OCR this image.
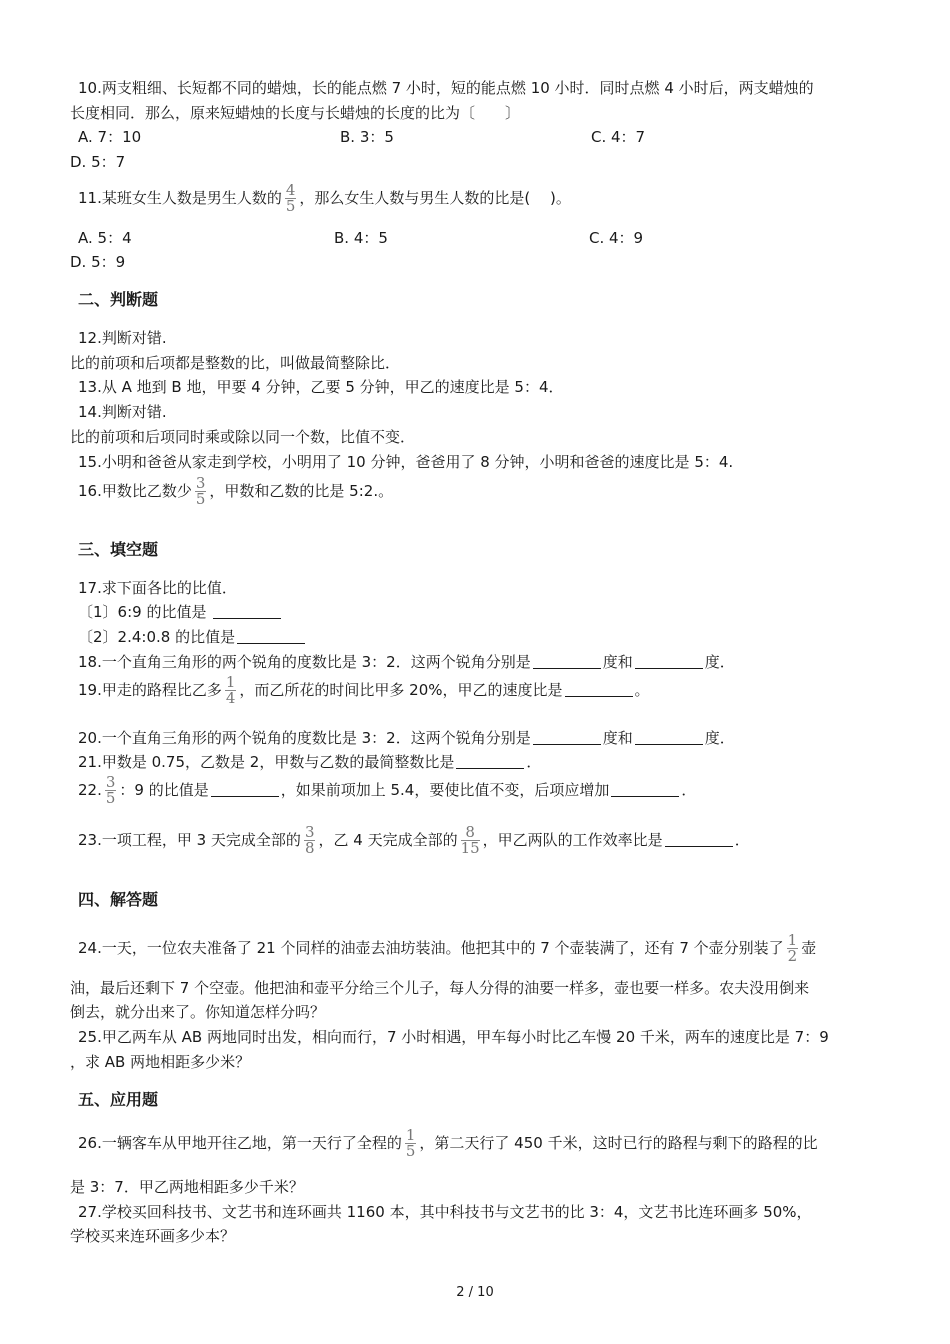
10.两支粗细、长短都不同的蜡烛，长的能点燃 7 小时，短的能点燃 10 小时．同时点燃 4 小时后，两支蜡烛的
长度相同．那么，原来短蜡烛的长度与长蜡烛的长度的比为〔　　〕
A. 7：10	B. 3：5	C. 4：7
D. 5：7
11.某班女生人数是男生人数的 $\frac{4}{5}$ ，那么女生人数与男生人数的比是(　 )。
A. 5：4	B. 4：5	C. 4：9
D. 5：9
二、判断题
12.判断对错.
比的前项和后项都是整数的比，叫做最简整除比．
13.从 A 地到 B 地，甲要 4 分钟，乙要 5 分钟，甲乙的速度比是 5：4．
14.判断对错.
比的前项和后项同时乘或除以同一个数，比值不变．
15.小明和爸爸从家走到学校，小明用了 10 分钟，爸爸用了 8 分钟，小明和爸爸的速度比是 5：4.
16.甲数比乙数少 $\frac{3}{5}$ ，甲数和乙数的比是 5:2.。
三、填空题
17.求下面各比的比值．
〔1〕6:9 的比值是
〔2〕2.4:0.8 的比值是
18.一个直角三角形的两个锐角的度数比是 3：2．这两个锐角分别是	度和	度．
19.甲走的路程比乙多 $\frac{1}{4}$ ，而乙所花的时间比甲多 20%，甲乙的速度比是	。
20.一个直角三角形的两个锐角的度数比是 3：2．这两个锐角分别是	度和	度．
21.甲数是 0.75，乙数是 2，甲数与乙数的最简整数比是	．
22. $\frac{3}{5}$ ：9 的比值是	，如果前项加上 5.4，要使比值不变，后项应增加	．
23.一项工程，甲 3 天完成全部的 $\frac{3}{8}$ ，乙 4 天完成全部的 $\frac{8}{15}$ ，甲乙两队的工作效率比是	．
四、解答题
24.一天，一位农夫准备了 21 个同样的油壶去油坊装油。他把其中的 7 个壶装满了，还有 7 个壶分别装了 $\frac{1}{2}$ 壶
油，最后还剩下 7 个空壶。他把油和壶平分给三个儿子，每人分得的油要一样多，壶也要一样多。农夫没用倒来
倒去，就分出来了。你知道怎样分吗？
25.甲乙两车从 AB 两地同时出发，相向而行，7 小时相遇，甲车每小时比乙车慢 20 千米，两车的速度比是 7：9
，求 AB 两地相距多少米？
五、应用题
26.一辆客车从甲地开往乙地，第一天行了全程的 $\frac{1}{5}$ ，第二天行了 450 千米，这时已行的路程与剩下的路程的比
是 3：7．甲乙两地相距多少千米？
27.学校买回科技书、文艺书和连环画共 1160 本，其中科技书与文艺书的比 3：4，文艺书比连环画多 50%，
学校买来连环画多少本？
2 / 10
